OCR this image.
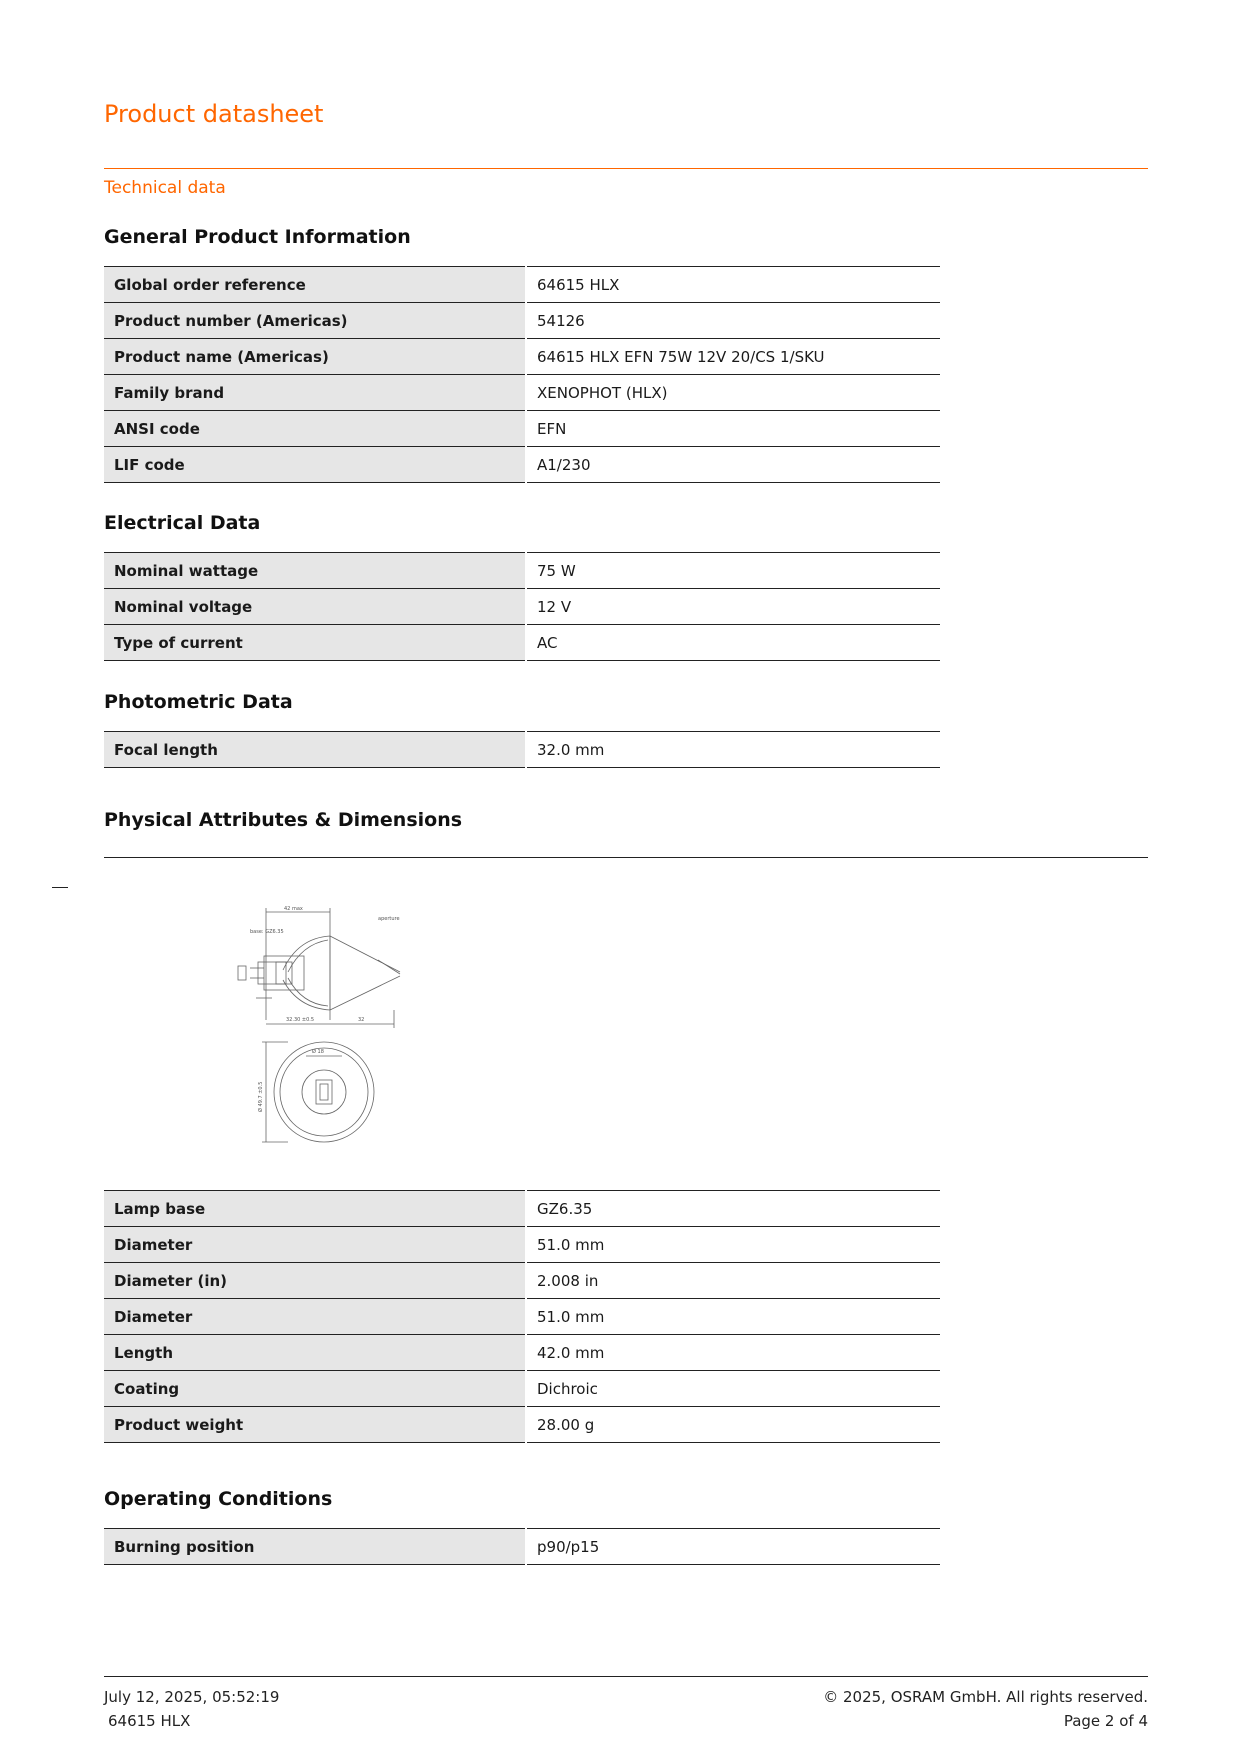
Product datasheet
Technical data
General Product Information
Global order reference	64615 HLX
Product number (Americas)	54126
Product name (Americas)	64615 HLX EFN 75W 12V 20/CS 1/SKU
Family brand	XENOPHOT (HLX)
ANSI code	EFN
LIF code	A1/230
Electrical Data
Nominal wattage	75 W
Nominal voltage	12 V
Type of current	AC
Photometric Data
Focal length	32.0 mm
Physical Attributes & Dimensions
42 max
base: GZ6.35
aperture
32.30 ±0.5	32
Ø 18
Ø 49.7 ±0.5
Lamp base	GZ6.35
Diameter	51.0 mm
Diameter (in)	2.008 in
Diameter	51.0 mm
Length	42.0 mm
Coating	Dichroic
Product weight	28.00 g
Operating Conditions
Burning position	p90/p15
July 12, 2025, 05:52:19
64615 HLX
© 2025, OSRAM GmbH. All rights reserved.
Page 2 of 4
